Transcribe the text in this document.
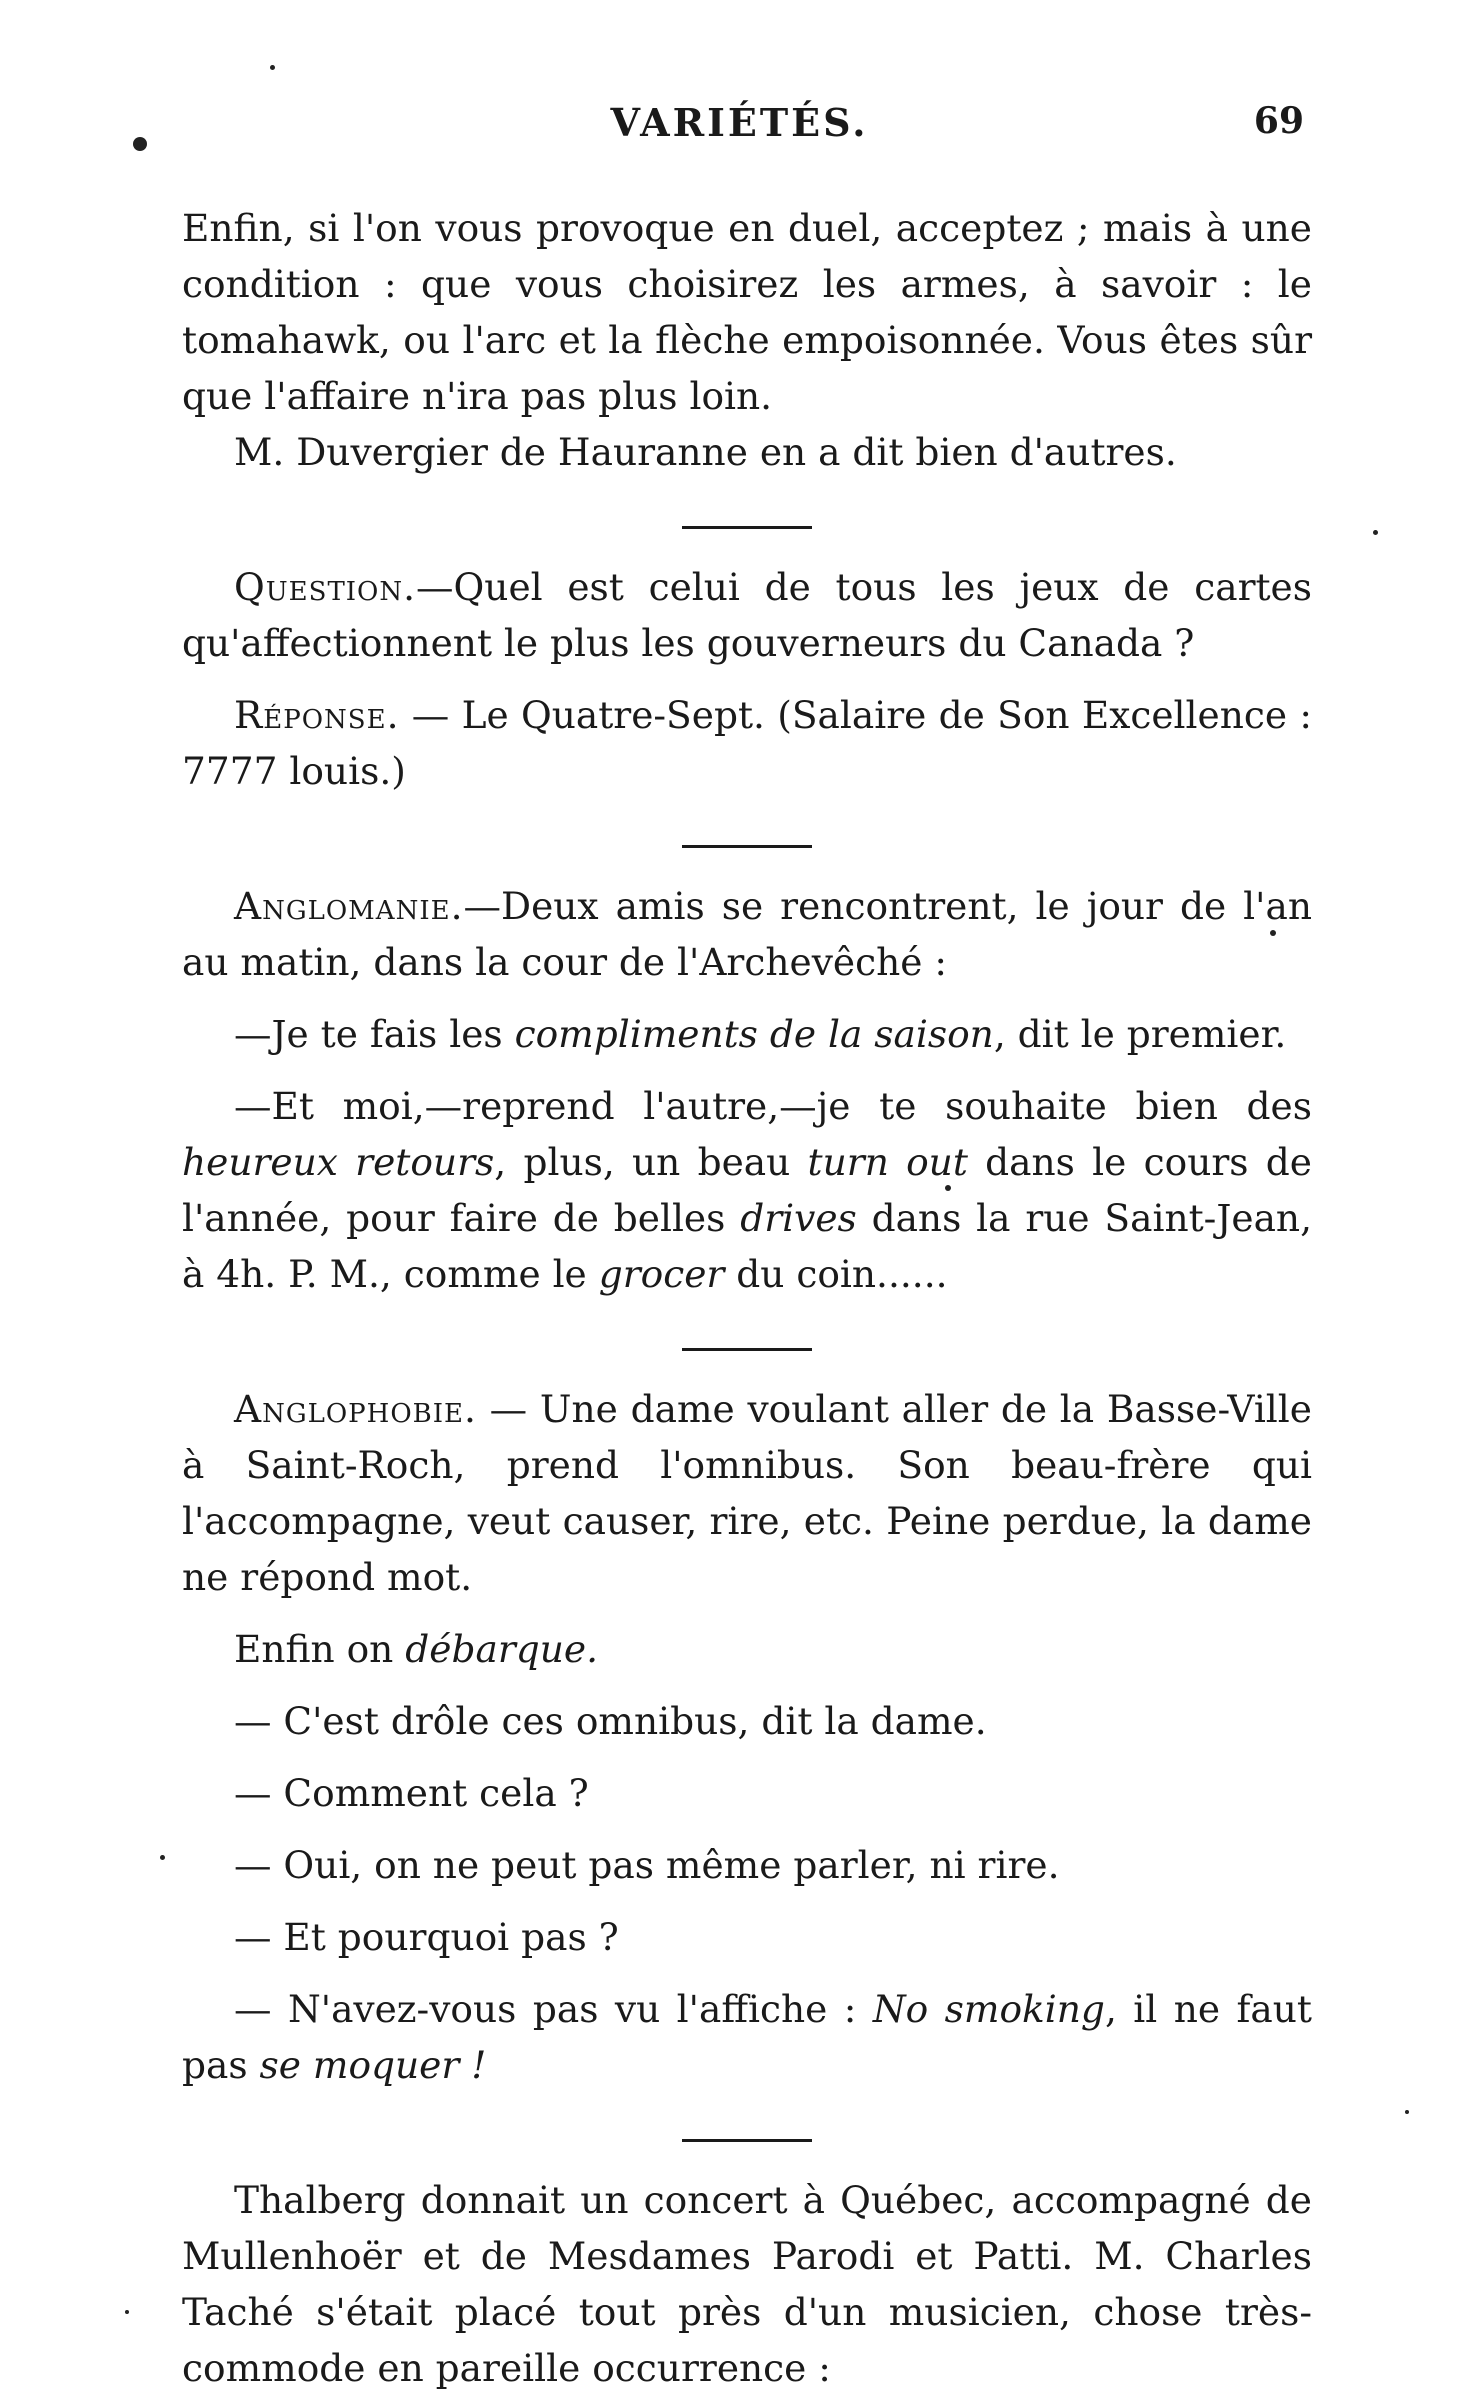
VARIÉTÉS.	69

Enfin, si l'on vous provoque en duel, acceptez ; mais à une condition : que vous choisirez les armes, à savoir : le tomahawk, ou l'arc et la flèche empoisonnée. Vous êtes sûr que l'affaire n'ira pas plus loin.

M. Duvergier de Hauranne en a dit bien d'autres.

Question.—Quel est celui de tous les jeux de cartes qu'affectionnent le plus les gouverneurs du Canada ?

Réponse. — Le Quatre-Sept. (Salaire de Son Excellence : 7777 louis.)

Anglomanie.—Deux amis se rencontrent, le jour de l'an au matin, dans la cour de l'Archevêché :

—Je te fais les compliments de la saison, dit le premier.

—Et moi,—reprend l'autre,—je te souhaite bien des heureux retours, plus, un beau turn out dans le cours de l'année, pour faire de belles drives dans la rue Saint-Jean, à 4h. P. M., comme le grocer du coin......

Anglophobie. — Une dame voulant aller de la Basse-Ville à Saint-Roch, prend l'omnibus. Son beau-frère qui l'accompagne, veut causer, rire, etc. Peine perdue, la dame ne répond mot.

Enfin on débarque.

— C'est drôle ces omnibus, dit la dame.

— Comment cela ?

— Oui, on ne peut pas même parler, ni rire.

— Et pourquoi pas ?

— N'avez-vous pas vu l'affiche : No smoking, il ne faut pas se moquer !

Thalberg donnait un concert à Québec, accompagné de Mullenhoër et de Mesdames Parodi et Patti. M. Charles Taché s'était placé tout près d'un musicien, chose très-commode en pareille occurrence :
